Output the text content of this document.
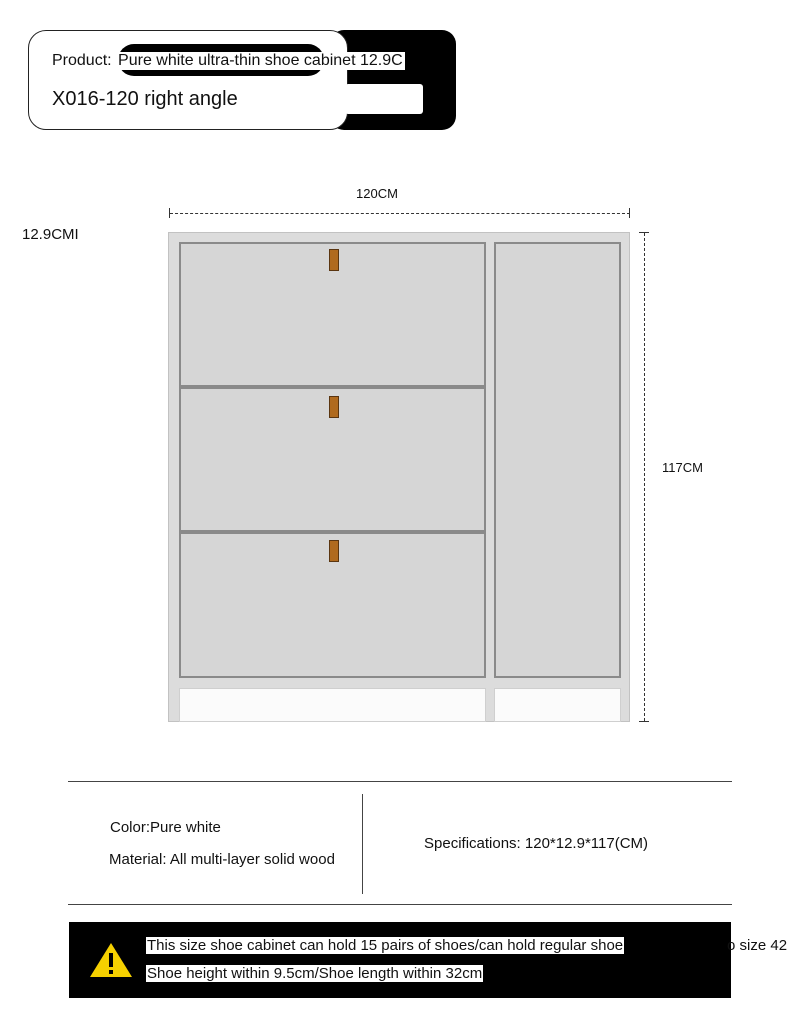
Product: Pure white ultra-thin shoe cabinet 12.9C
X016-120 right angle
120CM
12.9CMI
117CM
Color:Pure white
Material: All multi-layer solid wood
Specifications: 120*12.9*117(CM)
This size shoe cabinet can hold 15 pairs of shoes/can hold regular shoe	o size 42
Shoe height within 9.5cm/Shoe length within 32cm
